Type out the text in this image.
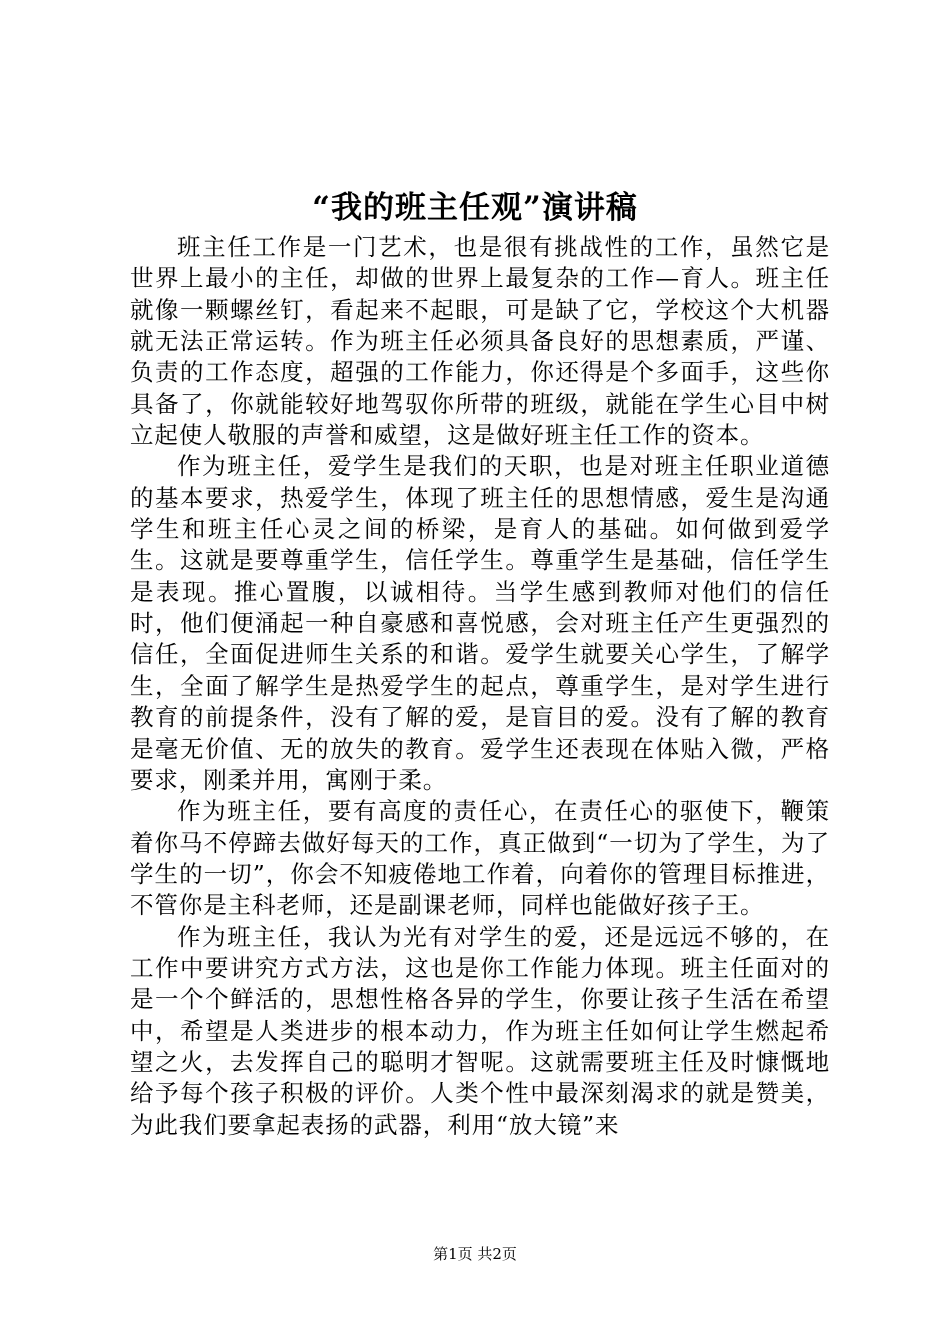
“我的班主任观”演讲稿

班主任工作是一门艺术，也是很有挑战性的工作，虽然它是世界上最小的主任，却做的世界上最复杂的工作—育人。班主任就像一颗螺丝钉，看起来不起眼，可是缺了它，学校这个大机器就无法正常运转。作为班主任必须具备良好的思想素质，严谨、负责的工作态度，超强的工作能力，你还得是个多面手，这些你具备了，你就能较好地驾驭你所带的班级，就能在学生心目中树立起使人敬服的声誉和威望，这是做好班主任工作的资本。

作为班主任，爱学生是我们的天职，也是对班主任职业道德的基本要求，热爱学生，体现了班主任的思想情感，爱生是沟通学生和班主任心灵之间的桥梁，是育人的基础。如何做到爱学生。这就是要尊重学生，信任学生。尊重学生是基础，信任学生是表现。推心置腹，以诚相待。当学生感到教师对他们的信任时，他们便涌起一种自豪感和喜悦感，会对班主任产生更强烈的信任，全面促进师生关系的和谐。爱学生就要关心学生，了解学生，全面了解学生是热爱学生的起点，尊重学生，是对学生进行教育的前提条件，没有了解的爱，是盲目的爱。没有了解的教育是毫无价值、无的放失的教育。爱学生还表现在体贴入微，严格要求，刚柔并用，寓刚于柔。

作为班主任，要有高度的责任心，在责任心的驱使下，鞭策着你马不停蹄去做好每天的工作，真正做到“一切为了学生，为了学生的一切”，你会不知疲倦地工作着，向着你的管理目标推进，不管你是主科老师，还是副课老师，同样也能做好孩子王。

作为班主任，我认为光有对学生的爱，还是远远不够的，在工作中要讲究方式方法，这也是你工作能力体现。班主任面对的是一个个鲜活的，思想性格各异的学生，你要让孩子生活在希望中，希望是人类进步的根本动力，作为班主任如何让学生燃起希望之火，去发挥自己的聪明才智呢。这就需要班主任及时慷慨地给予每个孩子积极的评价。人类个性中最深刻渴求的就是赞美，为此我们要拿起表扬的武器，利用“放大镜”来

第1页 共2页
